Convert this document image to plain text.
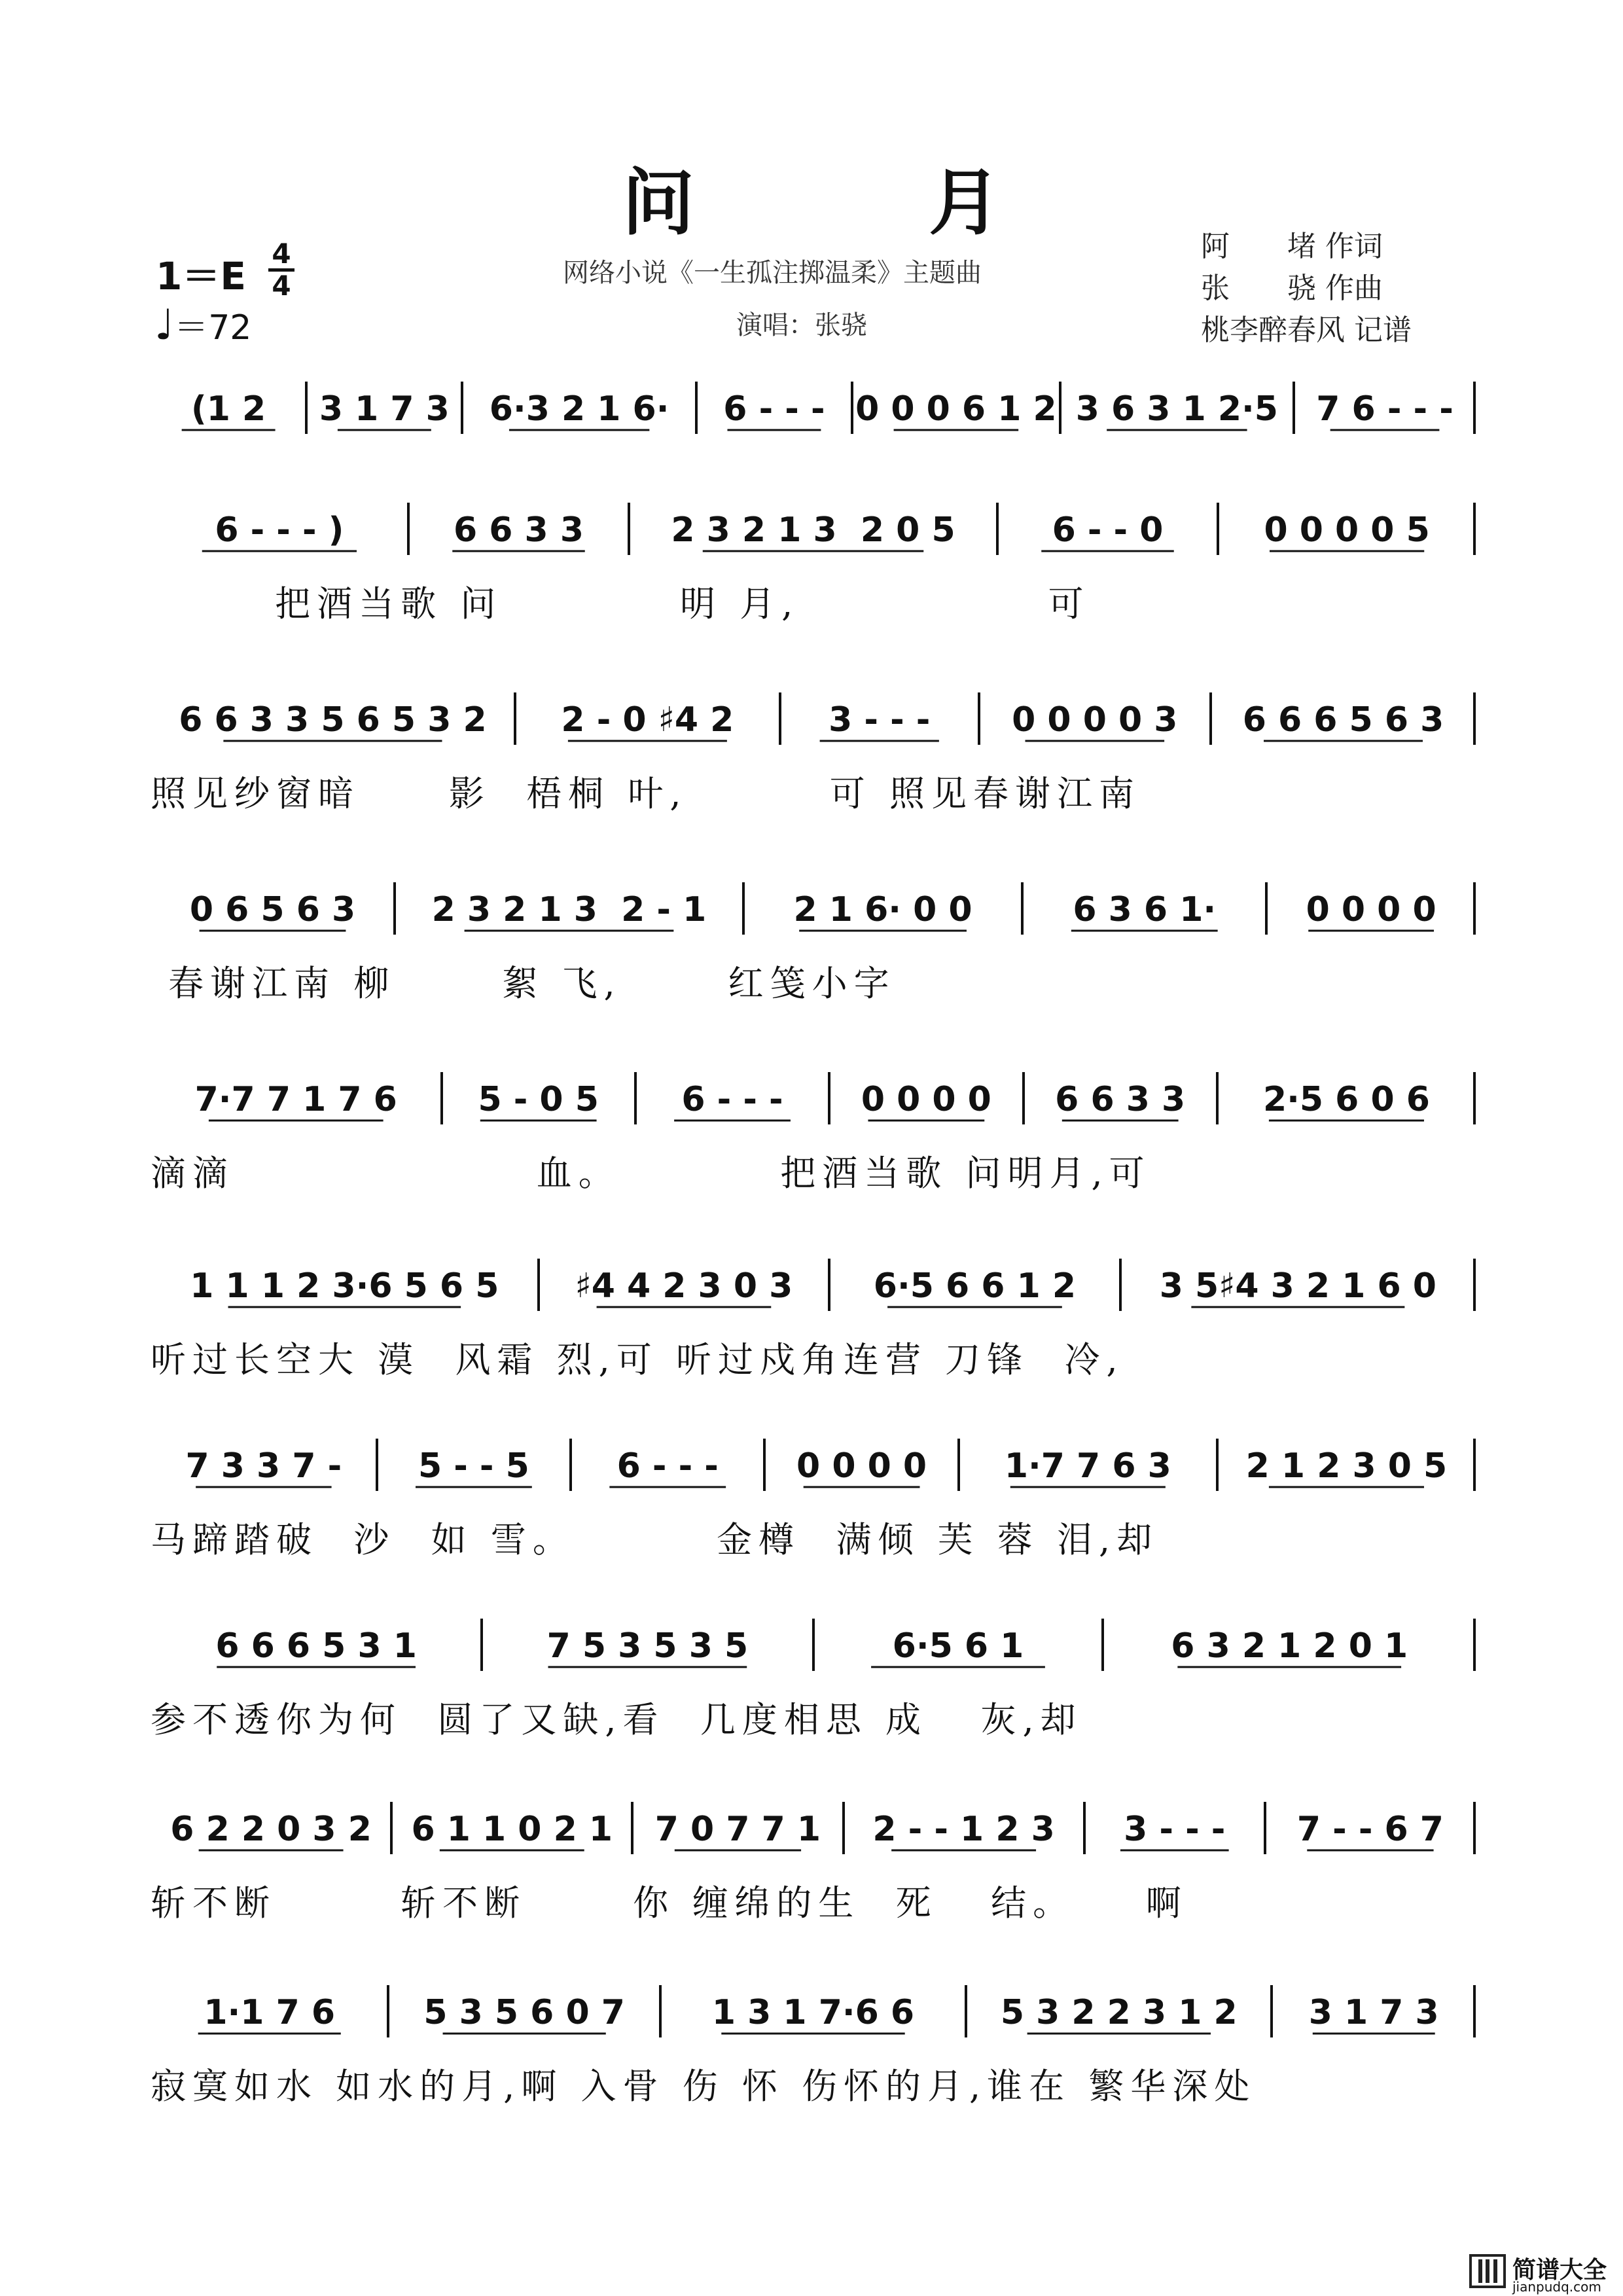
问 月
1＝E
4
4
♩＝72
网络小说《一生孤注掷温柔》主题曲
演唱：张骁
阿　　堵 作词
张　　骁 作曲
桃李醉春风 记谱
(1 2 3 1 7 3 6·3 2 1 6· 6 - - - 0 0 0 6 1 2 3 6 3 1 2·5 7 6 - - -
6 - - - )	6 6 3 3	2 3 2 1 3  2 0 5	6 - - 0	0 0 0 0 5
把酒当歌 问          明 月,              可
6 6 3 3 5 6 5 3 2 2 - 0 ♯4 2	3 - - - 0 0 0 0 3 6 6 6 5 6 3
照见纱窗暗     影  梧桐 叶,        可 照见春谢江南
0 6 5 6 3 2 3 2 1 3  2 - 1	2 1 6· 0 0	6 3 6 1·	0 0 0 0
春谢江南 柳      絮 飞,      红笺小字
7·7 7 1 7 6 5 - 0 5 6 - - - 0 0 0 0 6 6 3 3 2·5 6 0 6
滴滴                 血。         把酒当歌 问明月,可
1 1 1 2 3·6 5 6 5 ♯4 4 2 3 0 3 6·5 6 6 1 2 3 5♯4 3 2 1 6 0
听过长空大 漠  风霜 烈,可 听过戍角连营 刀锋  冷,
7 3 3 7 - 5 - - 5	6 - - - 0 0 0 0 1·7 7 6 3 2 1 2 3 0 5
马蹄踏破  沙  如 雪。        金樽  满倾 芙 蓉 泪,却
6 6 6 5 3 1	7 5 3 5 3 5	6·5 6 1	6 3 2 1 2 0 1
参不透你为何  圆了又缺,看  几度相思 成   灰,却
6 2 2 0 3 2 6 1 1 0 2 1 7 0 7 7 1 2 - - 1 2 3 3 - - - 7 - - 6 7
斩不断       斩不断      你 缠绵的生  死   结。    啊
1·1 7 6	5 3 5 6 0 7	1 3 1 7·6 6	5 3 2 2 3 1 2 3 1 7 3
寂寞如水 如水的月,啊 入骨 伤 怀 伤怀的月,谁在 繁华深处
简谱大全
jianpudq.com
